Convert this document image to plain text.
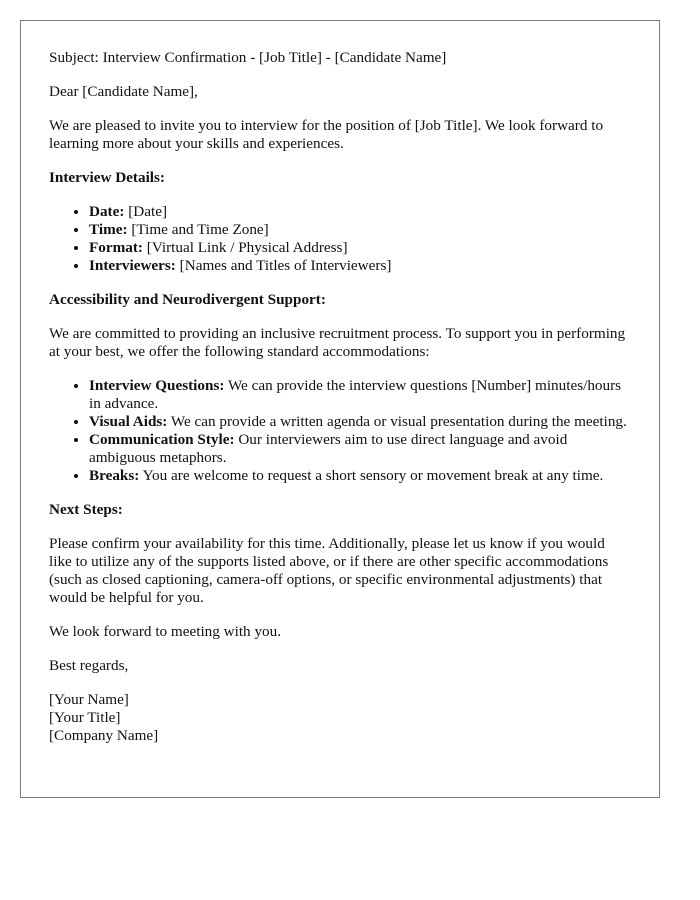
Subject: Interview Confirmation - [Job Title] - [Candidate Name]

Dear [Candidate Name],

We are pleased to invite you to interview for the position of [Job Title]. We look forward to learning more about your skills and experiences.

Interview Details:

• Date: [Date]
• Time: [Time and Time Zone]
• Format: [Virtual Link / Physical Address]
• Interviewers: [Names and Titles of Interviewers]

Accessibility and Neurodivergent Support:

We are committed to providing an inclusive recruitment process. To support you in performing at your best, we offer the following standard accommodations:

• Interview Questions: We can provide the interview questions [Number] minutes/hours in advance.
• Visual Aids: We can provide a written agenda or visual presentation during the meeting.
• Communication Style: Our interviewers aim to use direct language and avoid ambiguous metaphors.
• Breaks: You are welcome to request a short sensory or movement break at any time.

Next Steps:

Please confirm your availability for this time. Additionally, please let us know if you would like to utilize any of the supports listed above, or if there are other specific accommodations (such as closed captioning, camera-off options, or specific environmental adjustments) that would be helpful for you.

We look forward to meeting with you.

Best regards,

[Your Name]

[Your Title]

[Company Name]
